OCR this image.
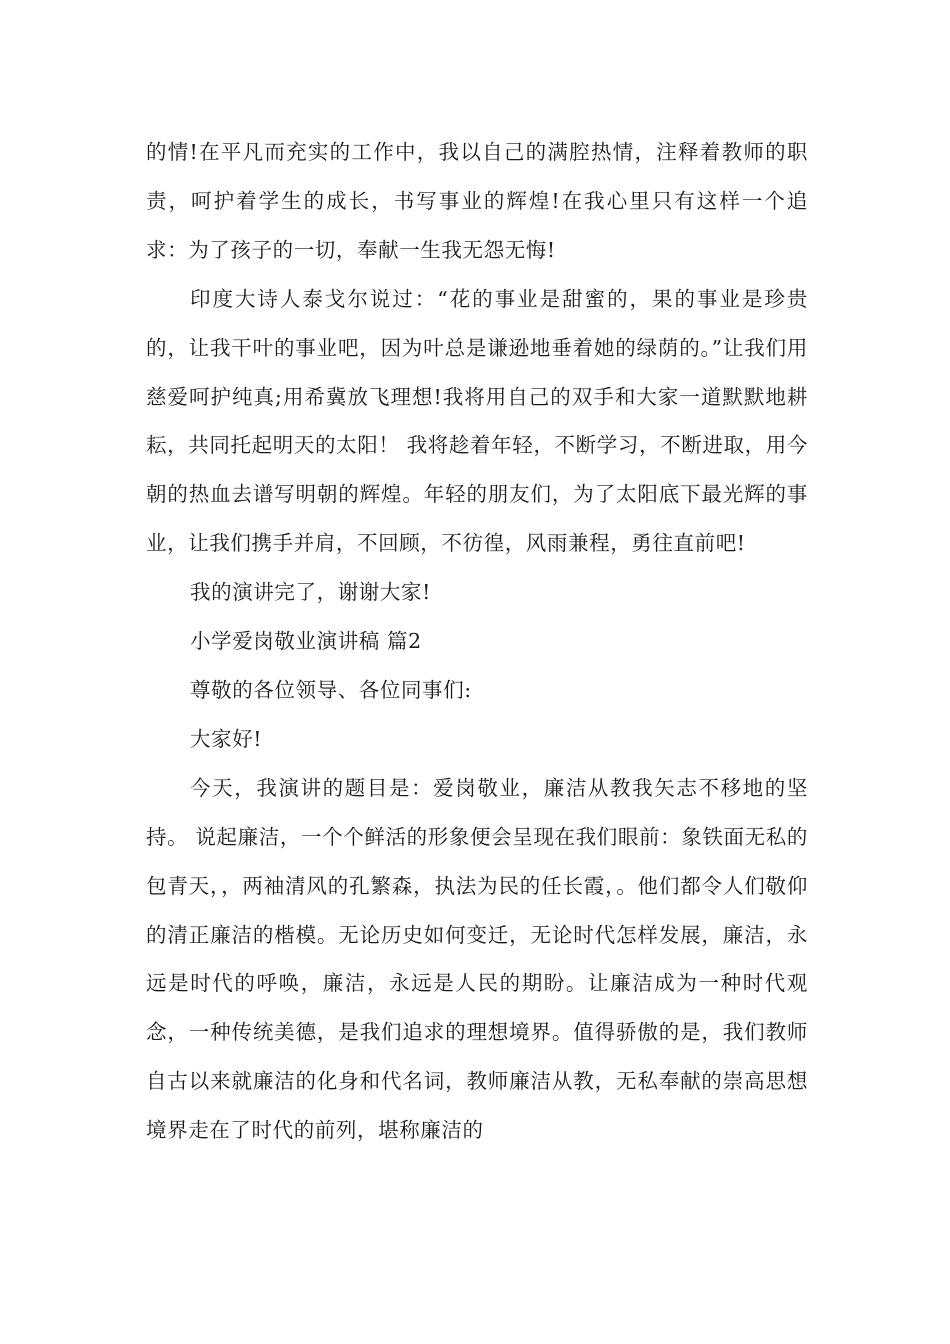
的情!在平凡而充实的工作中，我以自己的满腔热情，注释着教师的职责，呵护着学生的成长，书写事业的辉煌!在我心里只有这样一个追求：为了孩子的一切，奉献一生我无怨无悔!

印度大诗人泰戈尔说过：“花的事业是甜蜜的，果的事业是珍贵的，让我干叶的事业吧，因为叶总是谦逊地垂着她的绿荫的。”让我们用慈爱呵护纯真;用希冀放飞理想!我将用自己的双手和大家一道默默地耕耘，共同托起明天的太阳！ 我将趁着年轻，不断学习，不断进取，用今朝的热血去谱写明朝的辉煌。年轻的朋友们，为了太阳底下最光辉的事业，让我们携手并肩，不回顾，不彷徨，风雨兼程，勇往直前吧!

我的演讲完了，谢谢大家!

小学爱岗敬业演讲稿 篇2

尊敬的各位领导、各位同事们:

大家好!

今天，我演讲的题目是：爱岗敬业，廉洁从教我矢志不移地的坚持。 说起廉洁，一个个鲜活的形象便会呈现在我们眼前：象铁面无私的包青天，，两袖清风的孔繁森，执法为民的任长霞，。他们都令人们敬仰的清正廉洁的楷模。无论历史如何变迁，无论时代怎样发展，廉洁，永远是时代的呼唤，廉洁，永远是人民的期盼。让廉洁成为一种时代观念，一种传统美德，是我们追求的理想境界。值得骄傲的是，我们教师自古以来就廉洁的化身和代名词，教师廉洁从教，无私奉献的崇高思想境界走在了时代的前列，堪称廉洁的
